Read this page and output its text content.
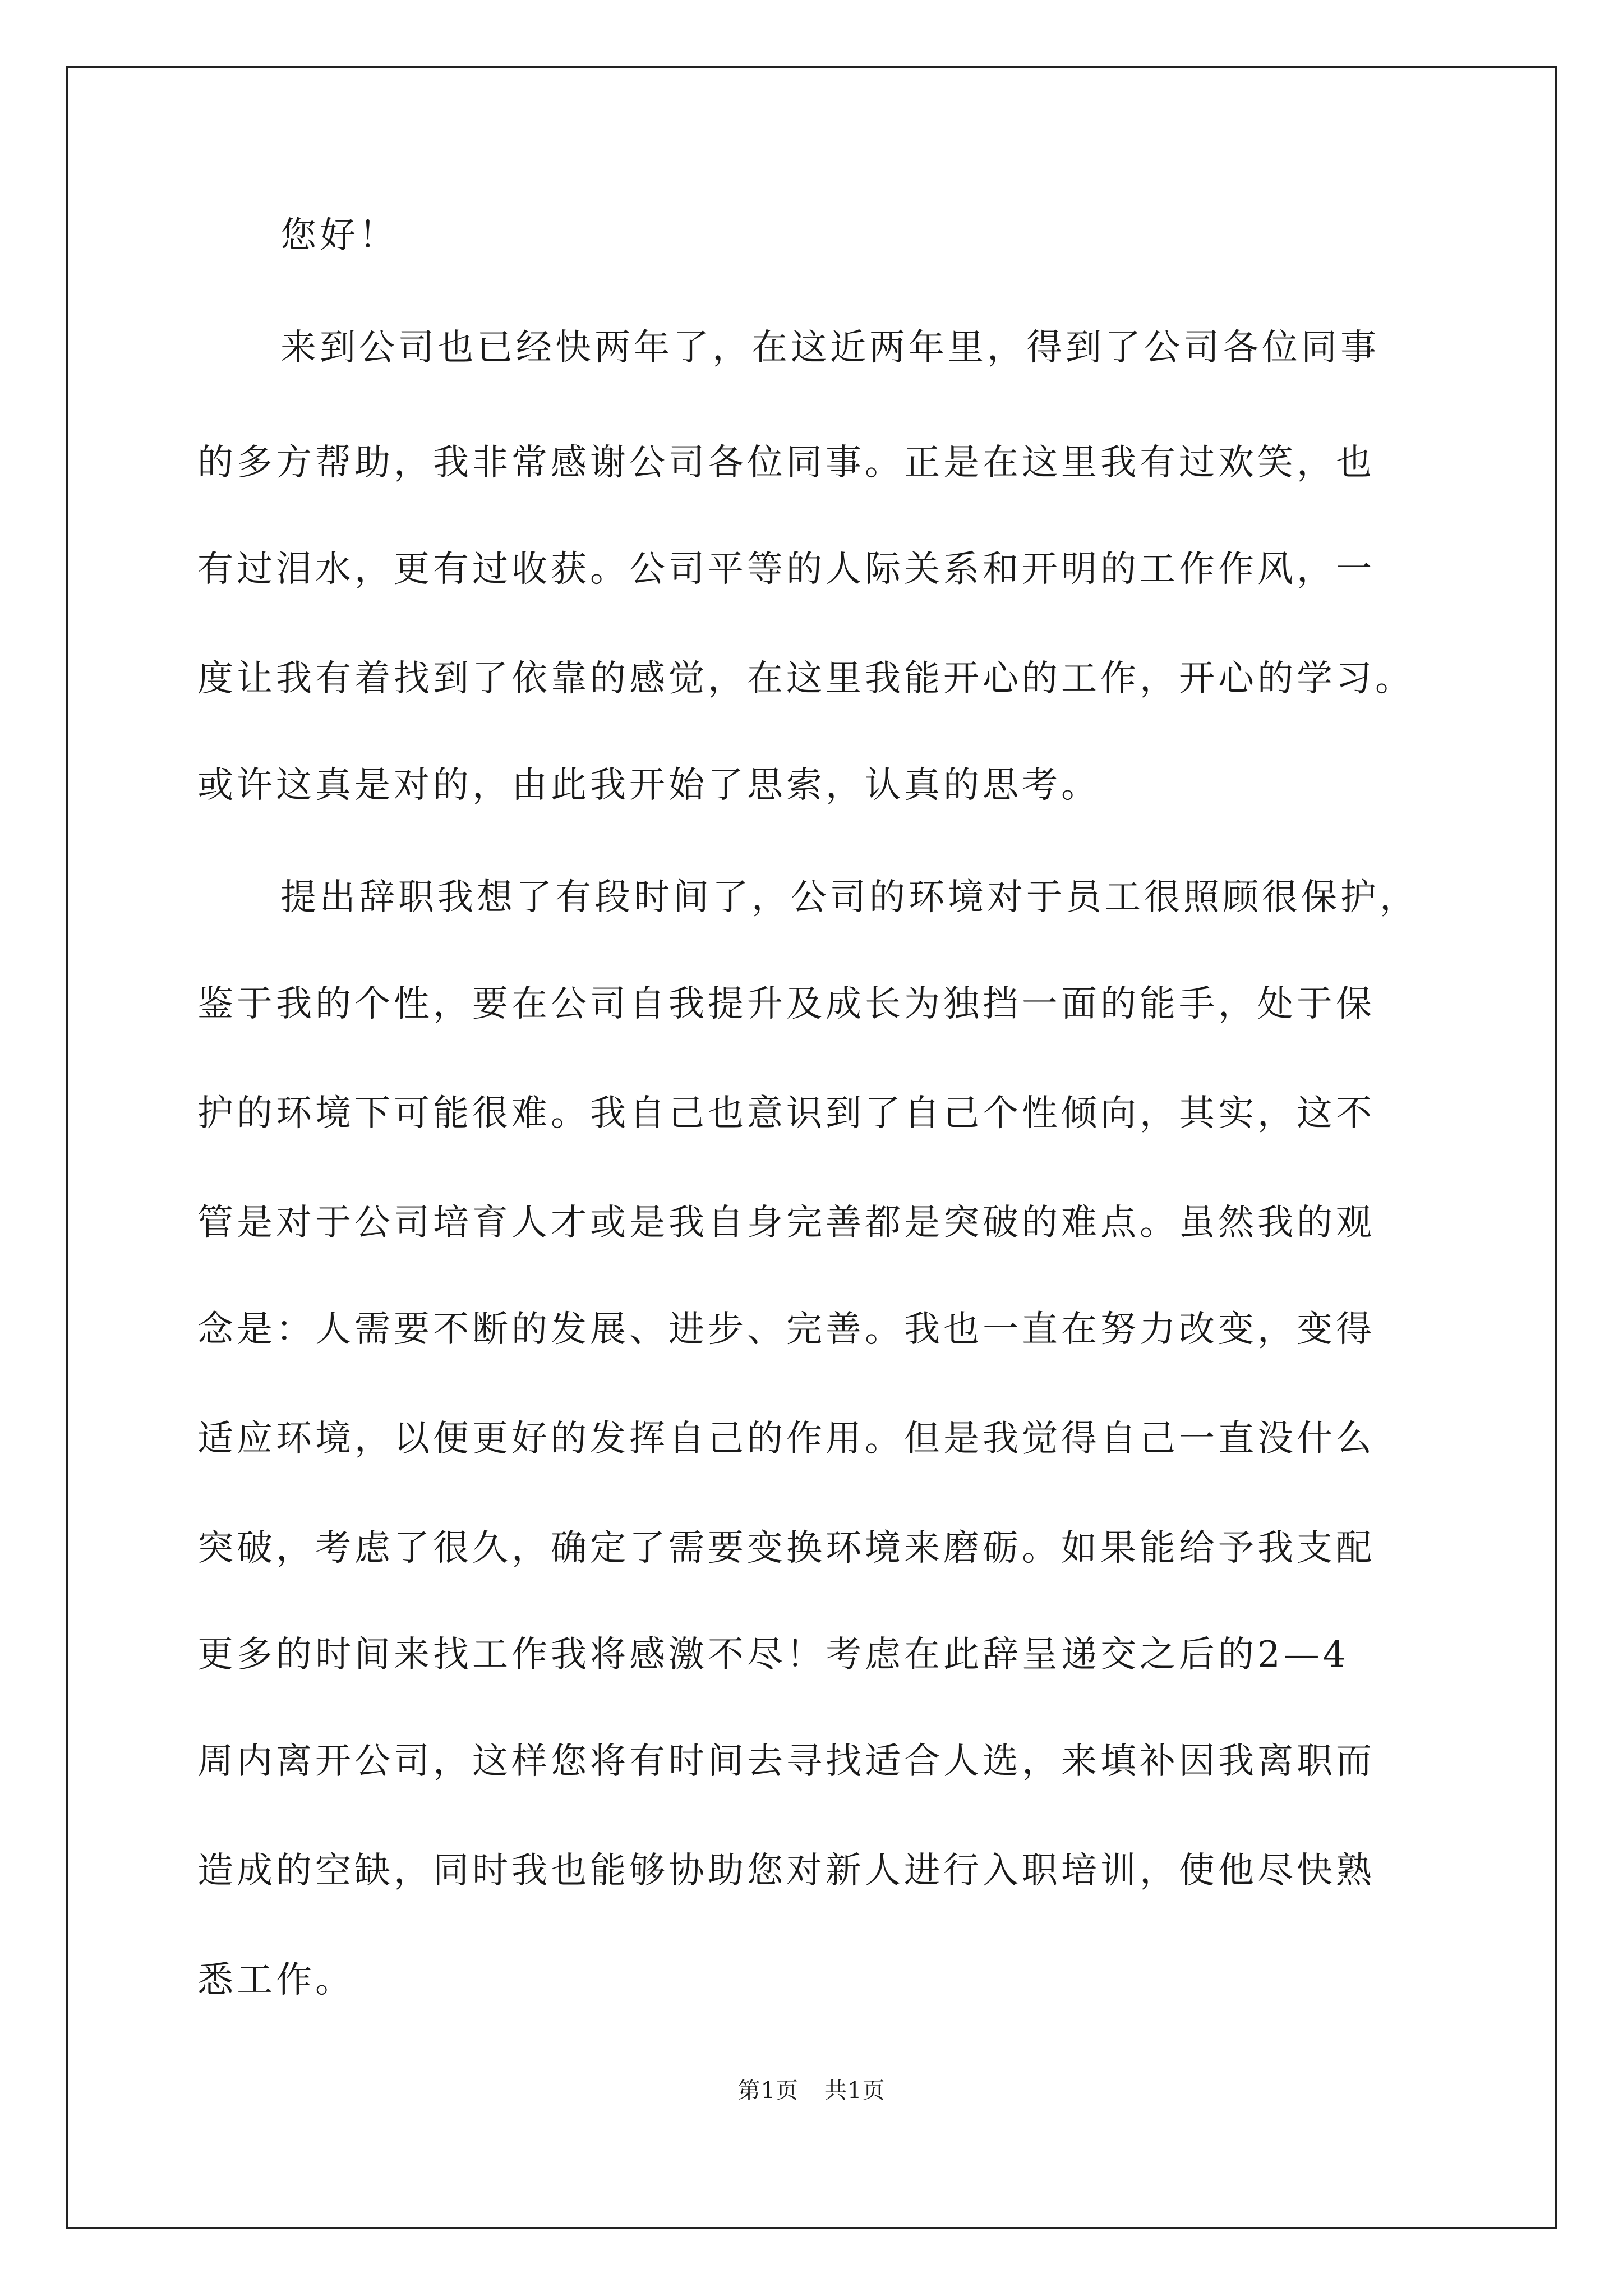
您好！
来到公司也已经快两年了，在这近两年里，得到了公司各位同事
的多方帮助，我非常感谢公司各位同事。正是在这里我有过欢笑，也
有过泪水，更有过收获。公司平等的人际关系和开明的工作作风，一
度让我有着找到了依靠的感觉，在这里我能开心的工作，开心的学习。
或许这真是对的，由此我开始了思索，认真的思考。
提出辞职我想了有段时间了，公司的环境对于员工很照顾很保护，
鉴于我的个性，要在公司自我提升及成长为独挡一面的能手，处于保
护的环境下可能很难。我自己也意识到了自己个性倾向，其实，这不
管是对于公司培育人才或是我自身完善都是突破的难点。虽然我的观
念是：人需要不断的发展、进步、完善。我也一直在努力改变，变得
适应环境，以便更好的发挥自己的作用。但是我觉得自己一直没什么
突破，考虑了很久，确定了需要变换环境来磨砺。如果能给予我支配
更多的时间来找工作我将感激不尽！考虑在此辞呈递交之后的2—4
周内离开公司，这样您将有时间去寻找适合人选，来填补因我离职而
造成的空缺，同时我也能够协助您对新人进行入职培训，使他尽快熟
悉工作。
第1页 共1页
